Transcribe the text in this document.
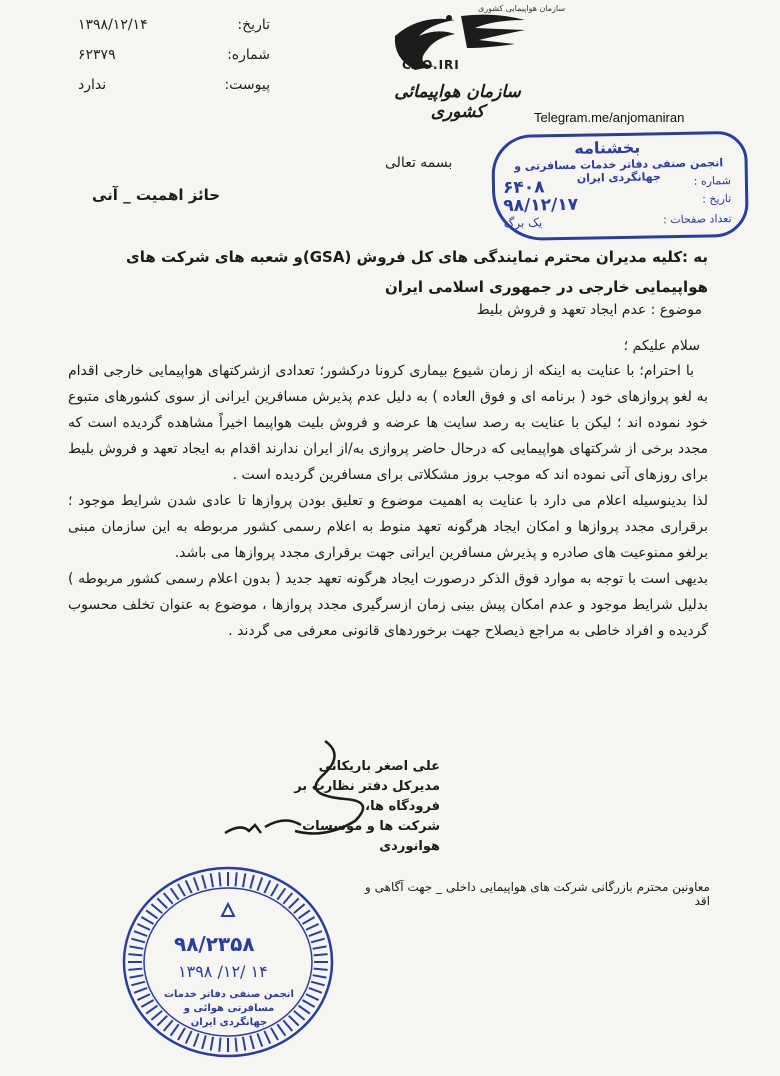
تاریخ:
۱۳۹۸/۱۲/۱۴
شماره:
۶۲۳۷۹
پیوست:
ندارد
سازمان هواپیمایی کشوری
CAO.IRI
سازمان هواپیمائی کشوری	Telegram.me/anjomaniran
بخشنامه
انجمن صنفی دفاتر خدمات مسافرتی و جهانگردی ایران	شماره :
۶۴۰۸
تاریخ :
۹۸/۱۲/۱۷
تعداد صفحات :
یک برگ
بسمه تعالی
حائز اهمیت _ آنی
به :کلیه مدیران محترم نمایندگی های کل فروش (GSA)و شعبه های شرکت های هواپیمایی خارجی در جمهوری اسلامی ایران
موضوع : عدم ایجاد تعهد و فروش بلیط
سلام علیکم ؛

با احترام؛ با عنایت به اینکه از زمان شیوع بیماری کرونا درکشور؛ تعدادی ازشرکتهای هواپیمایی خارجی اقدام به لغو پروازهای خود ( برنامه ای و فوق العاده ) به دلیل عدم پذیرش مسافرین ایرانی از سوی کشورهای متبوع خود نموده اند ؛ لیکن با عنایت به رصد سایت ها عرضه و فروش بلیت هواپیما اخیراً مشاهده گردیده است که مجدد برخی از شرکتهای هواپیمایی که درحال حاضر پروازی به/از ایران ندارند اقدام به ایجاد تعهد و فروش بلیط برای روزهای آتی نموده اند که موجب بروز مشکلاتی برای مسافرین گردیده است .

لذا بدینوسیله اعلام می دارد با عنایت به اهمیت موضوع و تعلیق بودن پروازها تا عادی شدن شرایط موجود ؛ برقراری مجدد پروازها و امکان ایجاد هرگونه تعهد منوط به اعلام رسمی کشور مربوطه به این سازمان مبنی برلغو ممنوعیت های صادره و پذیرش مسافرین ایرانی جهت برقراری مجدد پروازها می باشد.

بدیهی است با توجه به موارد فوق الذکر درصورت ایجاد هرگونه تعهد جدید ( بدون اعلام رسمی کشور مربوطه ) بدلیل شرایط موجود و عدم امکان پیش بینی زمان ازسرگیری مجدد پروازها ، موضوع به عنوان تخلف محسوب گردیده و افراد خاطی به مراجع ذیصلاح جهت برخوردهای قانونی معرفی می گردند .

علی اصغر باریکانی
مدیرکل دفتر نظارت بر فرودگاه ها،
شرکت ها و موسسات هوانوردی
معاونین محترم بازرگانی شرکت های هواپیمایی داخلی _ جهت آگاهی و اقد
۹۸/۲۳۵۸
۱۳۹۸ /۱۲/ ۱۴
انجمن صنفی دفاتر خدمات مسافرتی هوائی و جهانگردی ایران
